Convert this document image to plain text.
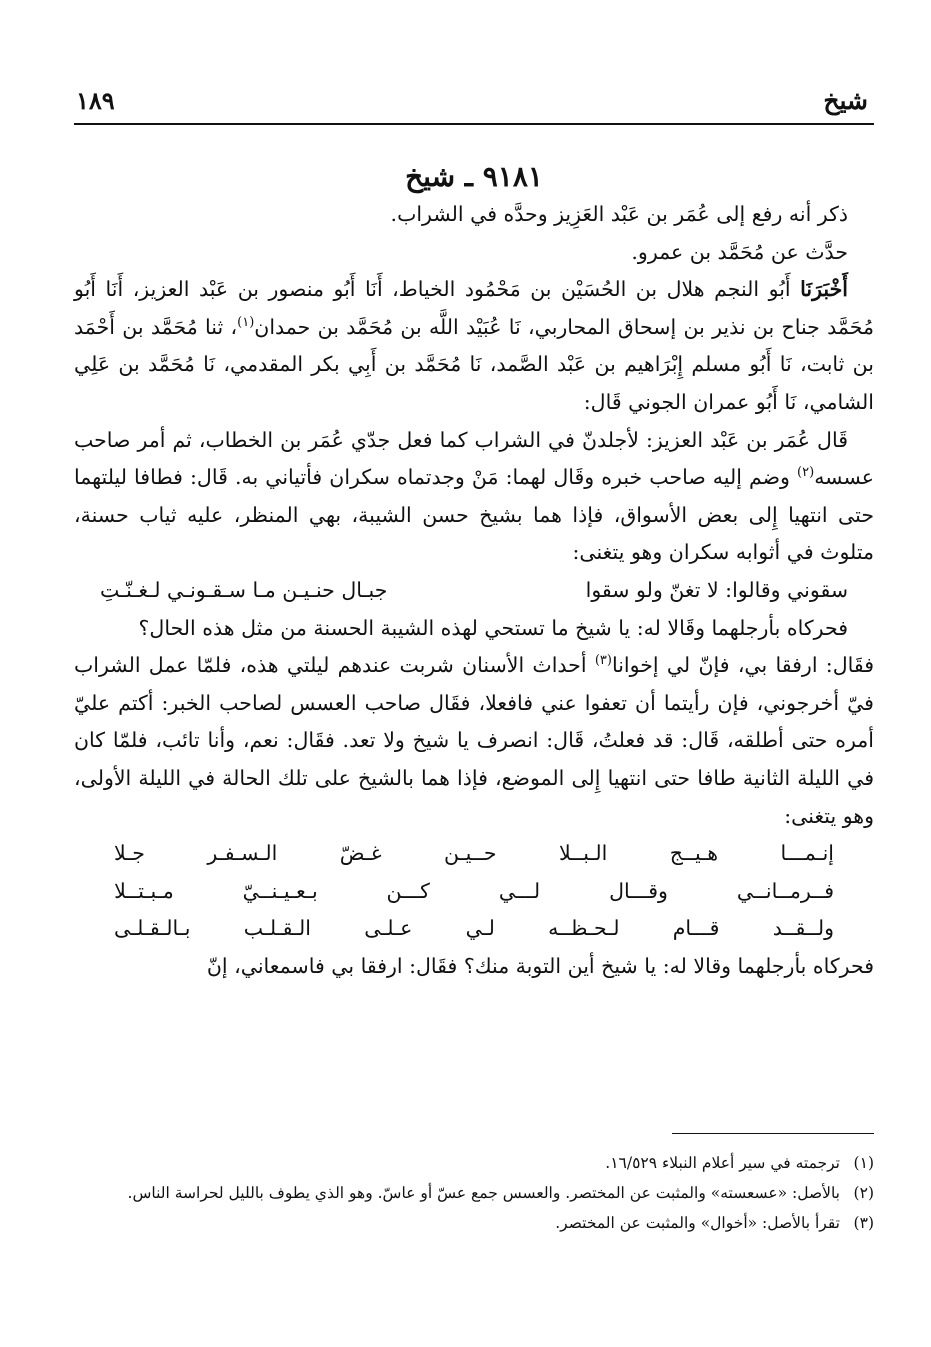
شيخ
١٨٩
٩١٨١ ـ شيخ

ذكر أنه رفع إلى عُمَر بن عَبْد العَزِيز وحدَّه في الشراب.

حدَّث عن مُحَمَّد بن عمرو.

أَخْبَرَنَا أَبُو النجم هلال بن الحُسَيْن بن مَحْمُود الخياط، أَنَا أَبُو منصور بن عَبْد العزيز، أَنَا أَبُو مُحَمَّد جناح بن نذير بن إسحاق المحاربي، نَا عُبَيْد اللَّه بن مُحَمَّد بن حمدان$^{(١)}$، ثنا مُحَمَّد بن أَحْمَد بن ثابت، نَا أَبُو مسلم إِبْرَاهيم بن عَبْد الصَّمد، نَا مُحَمَّد بن أَبِي بكر المقدمي، نَا مُحَمَّد بن عَلِي الشامي، نَا أَبُو عمران الجوني قَال:

قَال عُمَر بن عَبْد العزيز: لأجلدنّ في الشراب كما فعل جدّي عُمَر بن الخطاب، ثم أمر صاحب عسسه$^{(٢)}$ وضم إليه صاحب خبره وقَال لهما: مَنْ وجدتماه سكران فأتياني به. قَال: فطافا ليلتهما حتى انتهيا إِلى بعض الأسواق، فإذا هما بشيخ حسن الشيبة، بهي المنظر، عليه ثياب حسنة، متلوث في أثوابه سكران وهو يتغنى:

سقوني وقالوا: لا تغنّ ولو سقوا
جبـال حنـيـن مـا سـقـونـي لـغـنّـتِ

فحركاه بأرجلهما وقَالا له: يا شيخ ما تستحي لهذه الشيبة الحسنة من مثل هذه الحال؟

فقَال: ارفقا بي، فإنّ لي إخوانا$^{(٣)}$ أحداث الأسنان شربت عندهم ليلتي هذه، فلمّا عمل الشراب فيّ أخرجوني، فإن رأيتما أن تعفوا عني فافعلا، فقَال صاحب العسس لصاحب الخبر: أكتم عليّ أمره حتى أطلقه، قَال: قد فعلتُ، قَال: انصرف يا شيخ ولا تعد. فقَال: نعم، وأنا تائب، فلمّا كان في الليلة الثانية طافا حتى انتهيا إِلى الموضع، فإذا هما بالشيخ على تلك الحالة في الليلة الأولى، وهو يتغنى:

إنـمـــا
هـيــج
الـبــلا
حــيـن
غـضّ
الـسـفـر
جـلا
فــرمــانــي
وقـــال
لـــي
كـــن
بـعـيـنــيّ
مـبـتــلا
ولــقــد
قـــام
لـحـظــه
لـي
عـلـى
الـقـلـب
بـالـقـلـى

فحركاه بأرجلهما وقالا له: يا شيخ أين التوبة منك؟ فقَال: ارفقا بي فاسمعاني، إنّ

(١)
ترجمته في سير أعلام النبلاء ١٦/٥٢٩.
(٢)
بالأصل: «عسعسته» والمثبت عن المختصر. والعسس جمع عسّ أو عاسّ. وهو الذي يطوف بالليل لحراسة الناس.
(٣)
تقرأ بالأصل: «أخوال» والمثبت عن المختصر.
